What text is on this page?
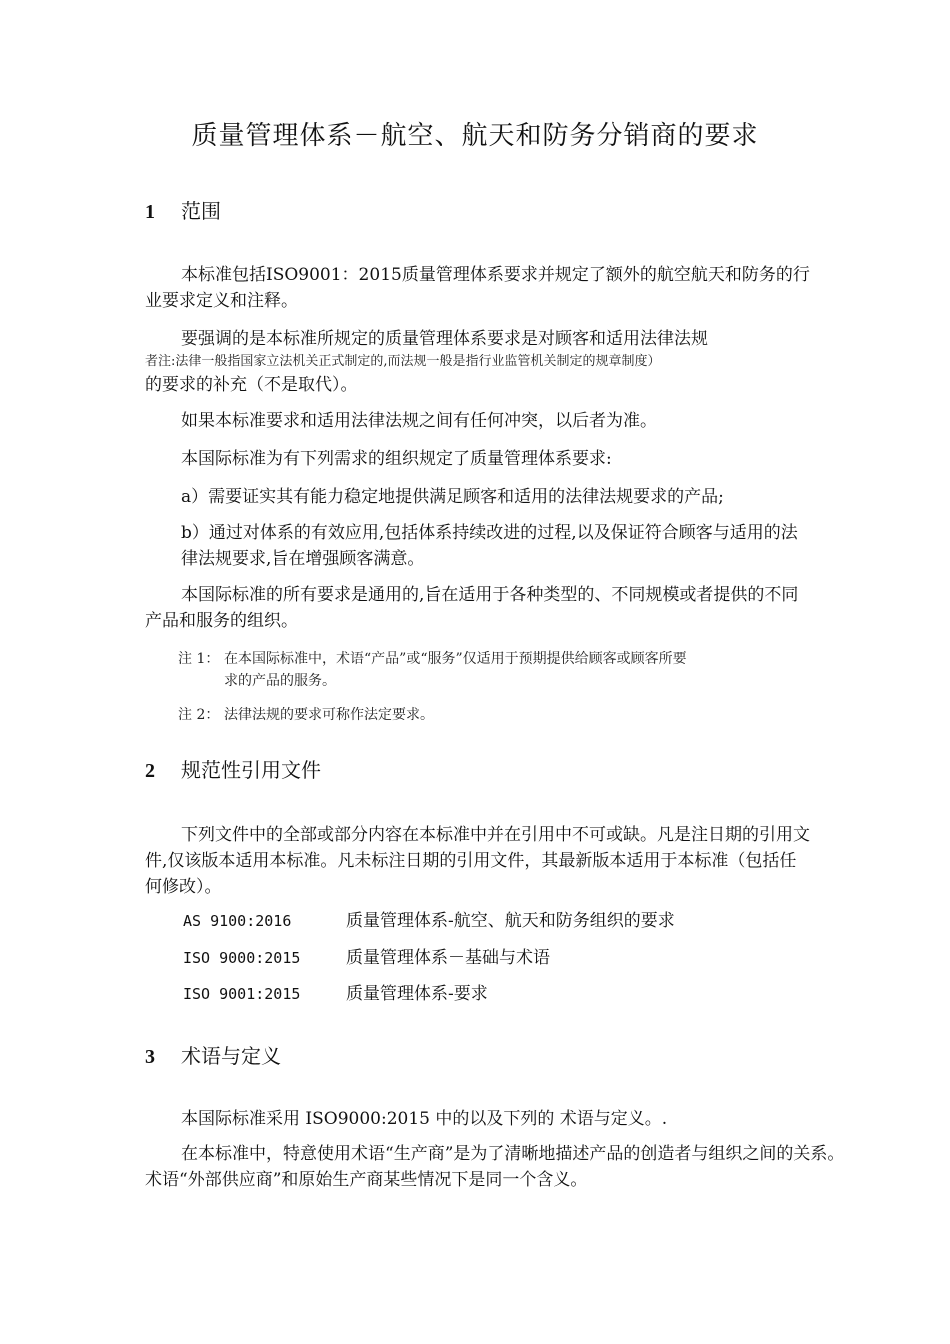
质量管理体系－航空、航天和防务分销商的要求
1 范围
本标准包括ISO9001：2015质量管理体系要求并规定了额外的航空航天和防务的行业要求定义和注释。
要强调的是本标准所规定的质量管理体系要求是对顾客和适用法律法规
者注:法律一般指国家立法机关正式制定的,而法规一般是指行业监管机关制定的规章制度）
的要求的补充（不是取代）。
如果本标准要求和适用法律法规之间有任何冲突，以后者为准。
本国际标准为有下列需求的组织规定了质量管理体系要求:
a）需要证实其有能力稳定地提供满足顾客和适用的法律法规要求的产品;
b）通过对体系的有效应用,包括体系持续改进的过程,以及保证符合顾客与适用的法律法规要求,旨在增强顾客满意。
本国际标准的所有要求是通用的,旨在适用于各种类型的、不同规模或者提供的不同产品和服务的组织。
注 1： 在本国际标准中，术语“产品”或“服务”仅适用于预期提供给顾客或顾客所要
求的产品的服务。
注 2： 法律法规的要求可称作法定要求。
2 规范性引用文件
下列文件中的全部或部分内容在本标准中并在引用中不可或缺。凡是注日期的引用文件,仅该版本适用本标准。凡未标注日期的引用文件，其最新版本适用于本标准（包括任何修改）。
AS 9100:2016	质量管理体系-航空、航天和防务组织的要求
ISO 9000:2015	质量管理体系－基础与术语
ISO 9001:2015	质量管理体系-要求
3 术语与定义
本国际标准采用 ISO9000:2015 中的以及下列的 术语与定义。.
在本标准中，特意使用术语“生产商”是为了清晰地描述产品的创造者与组织之间的关系。术语“外部供应商”和原始生产商某些情况下是同一个含义。
